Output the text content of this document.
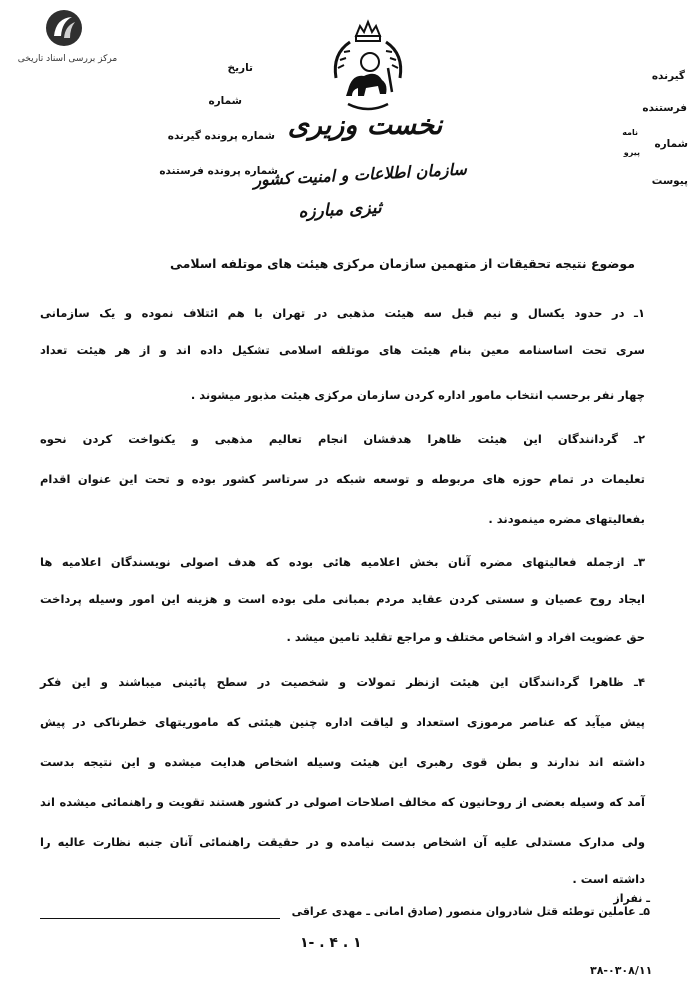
مرکز بررسی اسناد تاریخی
تاریخ
شماره
شماره پرونده گیرنده
شماره پرونده فرستنده
گیرنده
فرستنده
شماره
پیوست
نامه
پیرو
نخست وزیری
سازمان اطلاعات و امنیت کشور
ثیزی مبارزه
موضوع نتیجه تحقیقات از متهمین سازمان مرکزی هیئت های موتلفه اسلامی
۱ـ در حدود یکسال و نیم قبل سه هیئت مذهبی در تهران با هم ائتلاف نموده و یک سازمانی
سری تحت اساسنامه معین بنام هیئت های موتلفه اسلامی تشکیل داده اند و از هر هیئت تعداد
چهار نفر برحسب انتخاب مامور اداره کردن سازمان مرکزی هیئت مذبور میشوند .
۲ـ گردانندگان این هیئت ظاهرا هدفشان انجام تعالیم مذهبی و یکنواخت کردن نحوه
تعلیمات در تمام حوزه های مربوطه و توسعه شبکه در سرتاسر کشور بوده و تحت این عنوان اقدام
بفعالیتهای مضره مینمودند .
۳ـ ازجمله فعالیتهای مضره آنان بخش اعلامیه هائی بوده که هدف اصولی نویسندگان اعلامیه ها
ایجاد روح عصیان و سستی کردن عقاید مردم بمبانی ملی بوده است و هزینه این امور وسیله پرداخت
حق عضویت افراد و اشخاص مختلف و مراجع تقلید تامین میشد .
۴ـ ظاهرا گردانندگان این هیئت ازنظر تمولات و شخصیت در سطح پائینی میباشند و این فکر
پیش میآید که عناصر مرموزی استعداد و لیاقت اداره چنین هیئتی که ماموریتهای خطرناکی در پیش
داشته اند ندارند و بطن قوی رهبری این هیئت وسیله اشخاص هدایت میشده و این نتیجه بدست
آمد که وسیله بعضی از روحانیون که مخالف اصلاحات اصولی در کشور هستند تقویت و راهنمائی میشده اند
ولی مدارک مستدلی علیه آن اشخاص بدست نیامده و در حقیقت راهنمائی آنان جنبه نظارت عالیه را
داشته است .
ـ نفراز
۵ـ عاملین توطئه قتل شادروان منصور (صادق امانی ـ مهدی عراقی
۱- . ۴ . ۱
۳۸-۰۳۰۸/۱۱
